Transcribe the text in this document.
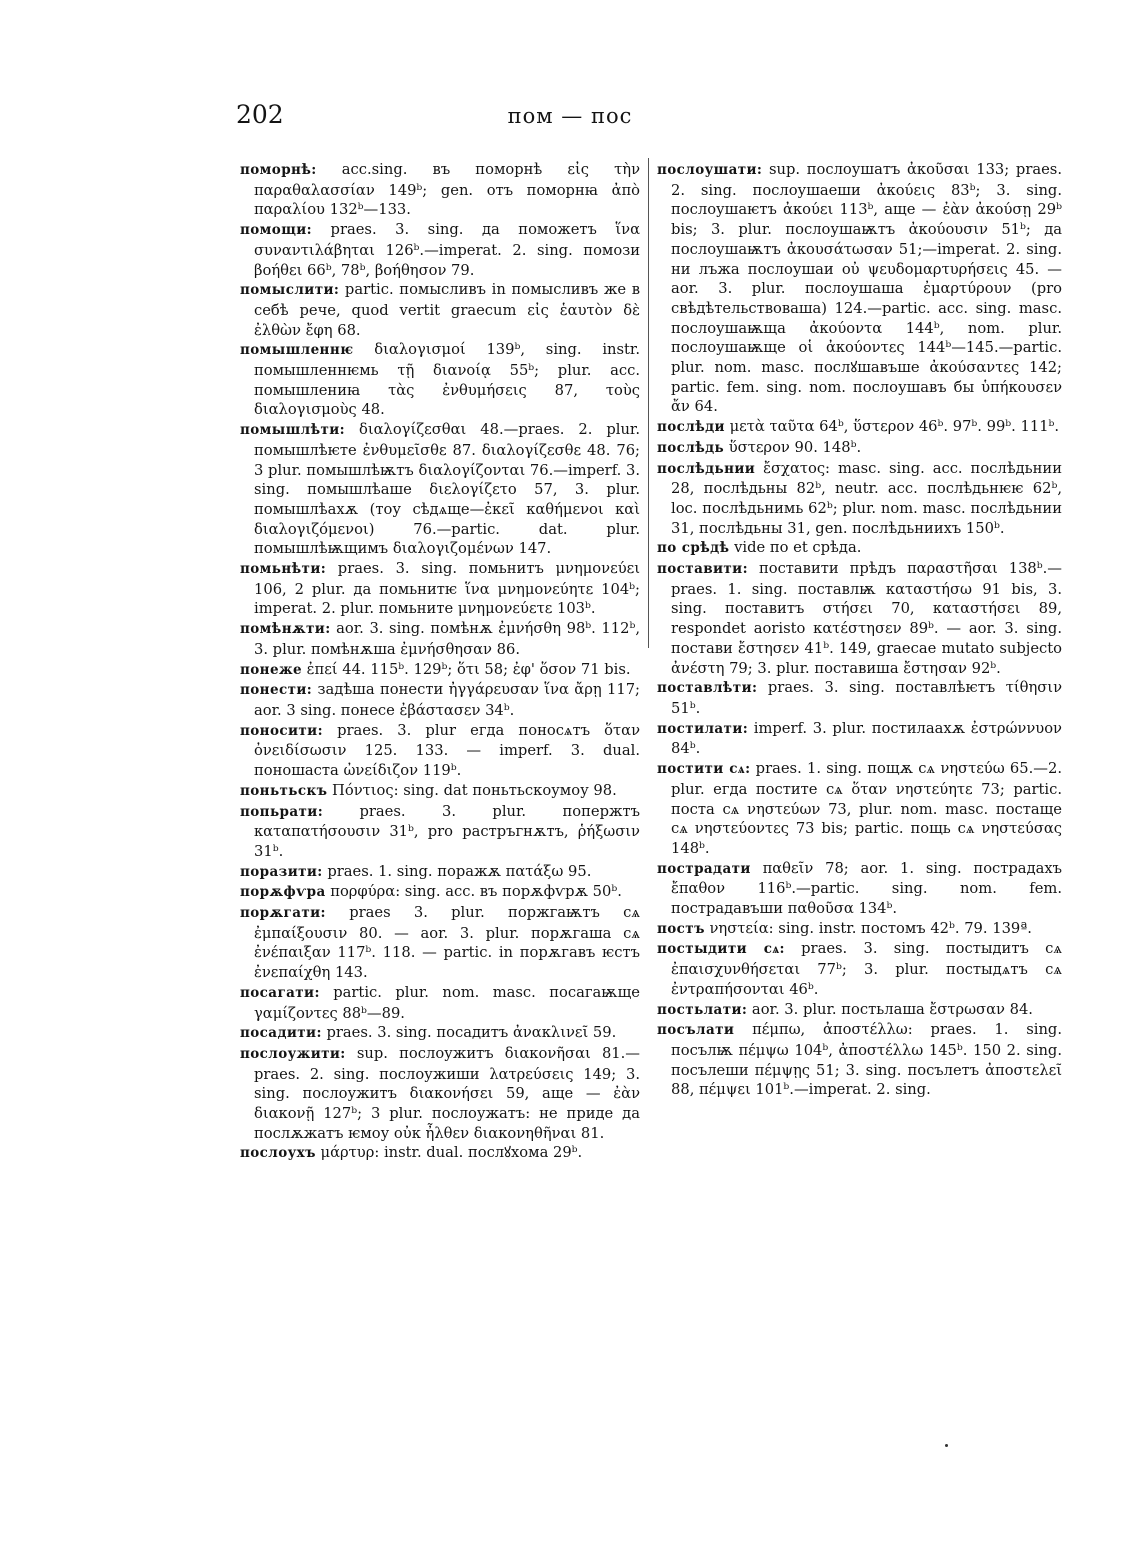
202	пом — пос

поморнѣ: acc.sing. въ поморнѣ εἰς τὴν παραθαλασσίαν 149ᵇ; gen. отъ поморнꙗ ἀπὸ παραλίου 132ᵇ—133.

помощи: praes. 3. sing. да поможетъ ἵνα συναντιλάβηται 126ᵇ.—imperat. 2. sing. помози βοήθει 66ᵇ, 78ᵇ, βοήθησον 79.

помыслити: partic. помысливъ in помысливъ же в себѣ рече, quod vertit graecum εἰς ἑαυτὸν δὲ ἐλθὼν ἔφη 68.

помышленнѥ διαλογισμοί 139ᵇ, sing. instr. помышленнѥмь τῇ διανοίᾳ 55ᵇ; plur. acc. помышлениꙗ τὰς ἐνθυμήσεις 87, τοὺς διαλογισμοὺς 48.

помышлѣти: διαλογίζεσθαι 48.—praes. 2. plur. помышлѣѥте ἐνθυμεῖσθε 87. διαλογίζεσθε 48. 76; 3 plur. помышлѣѭтъ διαλογίζονται 76.—imperf. 3. sing. помышлѣаше διελογίζετο 57, 3. plur. помышлѣахѫ (тоу сѣдѧще—ἐκεῖ καθήμενοι καὶ διαλογιζόμενοι) 76.—partic. dat. plur. помышлѣѭщимъ διαλογιζομένων 147.

помьнѣти: praes. 3. sing. помьнитъ μνημονεύει 106, 2 plur. да помьнитѥ ἵνα μνημονεύητε 104ᵇ; imperat. 2. plur. помьните μνημονεύετε 103ᵇ.

помѣнѫти: aor. 3. sing. помѣнѫ ἐμνήσθη 98ᵇ. 112ᵇ, 3. plur. помѣнѫша ἐμνήσθησαν 86.

понеже ἐπεί 44. 115ᵇ. 129ᵇ; ὅτι 58; ἐφ' ὅσον 71 bis.

понести: задѣша понести ἠγγάρευσαν ἵνα ἄρῃ 117; aor. 3 sing. понесе ἐβάστασεν 34ᵇ.

поносити: praes. 3. plur егда поносѧтъ ὅταν ὀνειδίσωσιν 125. 133. — imperf. 3. dual. поношаста ὠνείδιζον 119ᵇ.

поньтьскъ Πόντιος: sing. dat поньтьскоумоу 98.

попьрати: praes. 3. plur. попержтъ καταπατήσουσιν 31ᵇ, pro растръгнѫтъ, ῥήξωσιν 31ᵇ.

поразити: praes. 1. sing. поражѫ πατάξω 95.

порѫфѵра πορφύρα: sing. acc. въ порѫфѵрѫ 50ᵇ.

порѫгати: praes 3. plur. поржгаѭтъ сѧ ἐμπαίξουσιν 80. — aor. 3. plur. порѫгаша сѧ ἐνέπαιξαν 117ᵇ. 118. — partic. in порѫгавъ ѥстъ ἐνεπαίχθη 143.

посагати: partic. plur. nom. masc. посагаѭще γαμίζοντες 88ᵇ—89.

посадити: praes. 3. sing. посадитъ ἀνακλινεῖ 59.

послоужити: sup. послоужитъ διακονῆσαι 81.—praes. 2. sing. послоужиши λατρεύσεις 149; 3. sing. послоужитъ διακονήσει 59, аще — ἐὰν διακονῇ 127ᵇ; 3 plur. послоужатъ: не приде да послѫжатъ ѥмоу οὐκ ἦλθεν διακονηθῆναι 81.

послоухъ μάρτυρ: instr. dual. послꙋхома 29ᵇ.

послоушати: sup. послоушатъ ἀκοῦσαι 133; praes. 2. sing. послоушаеши ἀκούεις 83ᵇ; 3. sing. послоушаѥтъ ἀκούει 113ᵇ, аще — ἐὰν ἀκούσῃ 29ᵇ bis; 3. plur. послоушаѭтъ ἀκούουσιν 51ᵇ; да послоушаѭтъ ἀκουσάτωσαν 51;—imperat. 2. sing. ни лъжа послоушаи οὐ ψευδομαρτυρήσεις 45. — aor. 3. plur. послоушаша ἐμαρτύρουν (pro свѣдѣтельствоваша) 124.—partic. acc. sing. masc. послоушаѭща ἀκούοντα 144ᵇ, nom. plur. послоушаѭще οἱ ἀκούοντες 144ᵇ—145.—partic. plur. nom. masc. послꙋшавъше ἀκούσαντες 142; partic. fem. sing. nom. послоушавъ бы ὑπήκουσεν ἄν 64.

послѣди μετὰ ταῦτα 64ᵇ, ὕστερον 46ᵇ. 97ᵇ. 99ᵇ. 111ᵇ.

послѣдь ὕστερον 90. 148ᵇ.

послѣдьнии ἔσχατος: masc. sing. acc. послѣдьнии 28, послѣдьны 82ᵇ, neutr. acc. послѣдьнѥѥ 62ᵇ, loc. послѣдьнимь 62ᵇ; plur. nom. masc. послѣдьнии 31, послѣдьны 31, gen. послѣдьниихъ 150ᵇ.

по срѣдѣ vide по et срѣда.

поставити: поставити прѣдъ παραστῆσαι 138ᵇ.—praes. 1. sing. поставлѭ καταστήσω 91 bis, 3. sing. поставитъ στήσει 70, καταστήσει 89, respondet aoristo κατέστησεν 89ᵇ. — aor. 3. sing. постави ἔστησεν 41ᵇ. 149, graecae mutato subjecto ἀνέστη 79; 3. plur. поставиша ἔστησαν 92ᵇ.

поставлѣти: praes. 3. sing. поставлѣѥтъ τίθησιν 51ᵇ.

постилати: imperf. 3. plur. постилаахѫ ἐστρώννυον 84ᵇ.

постити сѧ: praes. 1. sing. пощѫ сѧ νηστεύω 65.—2. plur. егда постите сѧ ὅταν νηστεύητε 73; partic. поста сѧ νηστεύων 73, plur. nom. masc. постаще сѧ νηστεύοντες 73 bis; partic. пощь сѧ νηστεύσας 148ᵇ.

пострадати παθεῖν 78; aor. 1. sing. пострадахъ ἔπαθον 116ᵇ.—partic. sing. nom. fem. пострадавъши παθοῦσα 134ᵇ.

постъ νηστεία: sing. instr. постомъ 42ᵇ. 79. 139ª.

постыдити сѧ: praes. 3. sing. постыдитъ сѧ ἐπαισχυνθήσεται 77ᵇ; 3. plur. постыдѧтъ сѧ ἐντραπήσονται 46ᵇ.

постьлати: aor. 3. plur. постьлаша ἔστρωσαν 84.

посълати πέμπω, ἀποστέλλω: praes. 1. sing. посълѭ πέμψω 104ᵇ, ἀποστέλλω 145ᵇ. 150 2. sing. посълеши πέμψῃς 51; 3. sing. посълетъ ἀποστελεῖ 88, πέμψει 101ᵇ.—imperat. 2. sing.
